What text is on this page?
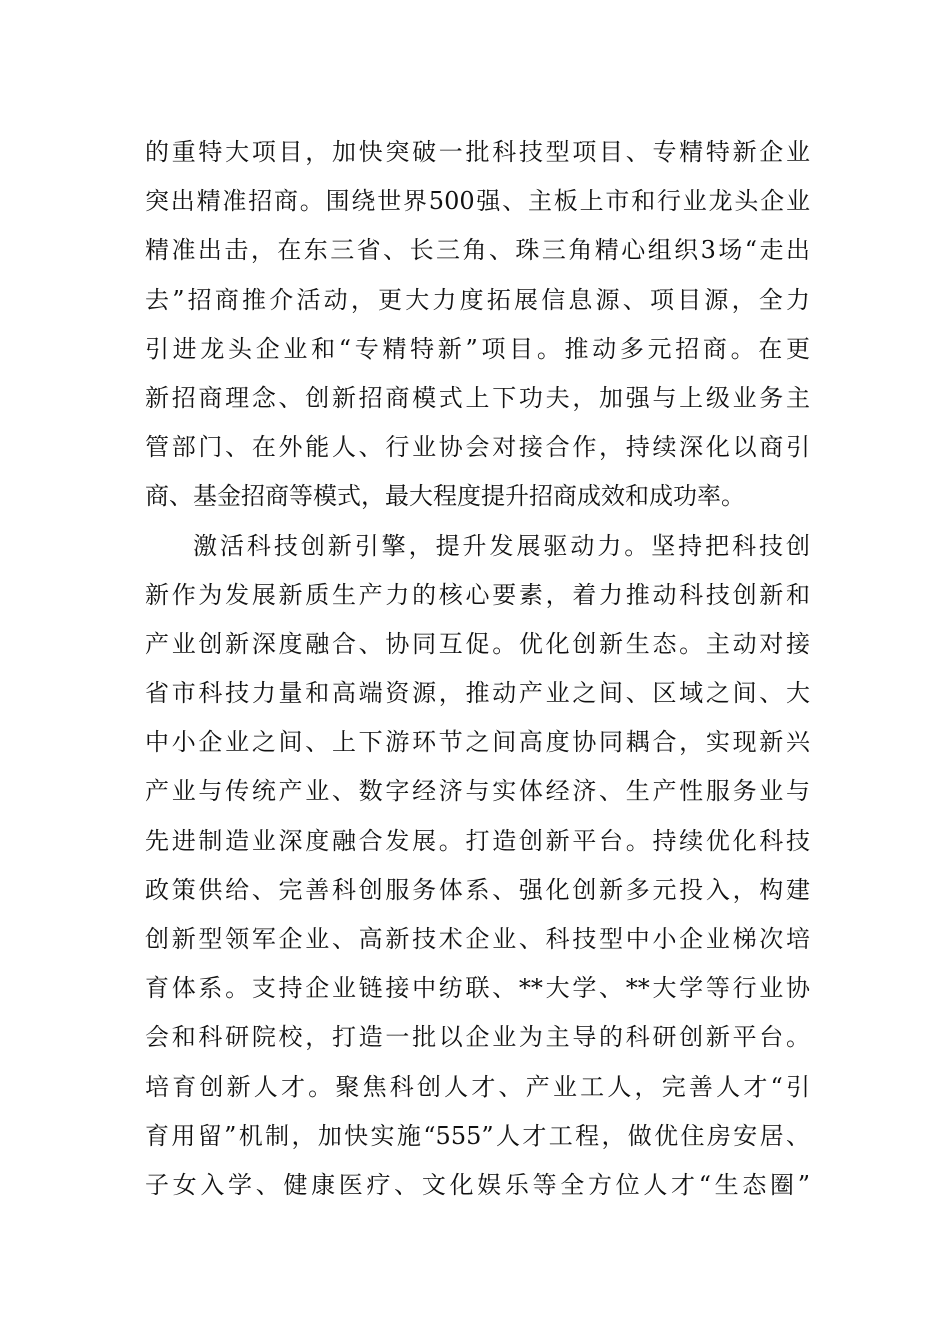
的重特大项目，加快突破一批科技型项目、专精特新企业
突出精准招商。围绕世界500强、主板上市和行业龙头企业
精准出击，在东三省、长三角、珠三角精心组织3场“走出
去”招商推介活动，更大力度拓展信息源、项目源，全力
引进龙头企业和“专精特新”项目。推动多元招商。在更
新招商理念、创新招商模式上下功夫，加强与上级业务主
管部门、在外能人、行业协会对接合作，持续深化以商引
商、基金招商等模式，最大程度提升招商成效和成功率。
激活科技创新引擎，提升发展驱动力。坚持把科技创
新作为发展新质生产力的核心要素，着力推动科技创新和
产业创新深度融合、协同互促。优化创新生态。主动对接
省市科技力量和高端资源，推动产业之间、区域之间、大
中小企业之间、上下游环节之间高度协同耦合，实现新兴
产业与传统产业、数字经济与实体经济、生产性服务业与
先进制造业深度融合发展。打造创新平台。持续优化科技
政策供给、完善科创服务体系、强化创新多元投入，构建
创新型领军企业、高新技术企业、科技型中小企业梯次培
育体系。支持企业链接中纺联、**大学、**大学等行业协
会和科研院校，打造一批以企业为主导的科研创新平台。
培育创新人才。聚焦科创人才、产业工人，完善人才“引
育用留”机制，加快实施“555”人才工程，做优住房安居、
子女入学、健康医疗、文化娱乐等全方位人才“生态圈”
